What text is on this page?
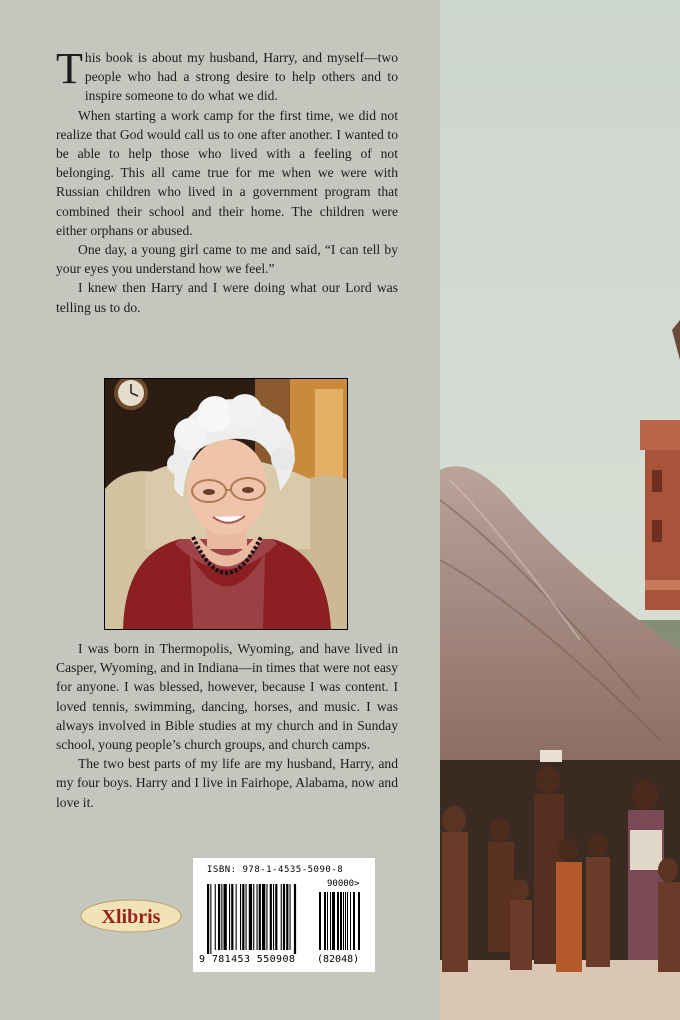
This book is about my husband, Harry, and myself—two people who had a strong desire to help others and to inspire someone to do what we did.

When starting a work camp for the first time, we did not realize that God would call us to one after another. I wanted to be able to help those who lived with a feeling of not belonging. This all came true for me when we were with Russian children who lived in a government program that combined their school and their home. The children were either orphans or abused.

One day, a young girl came to me and said, “I can tell by your eyes you understand how we feel.”

I knew then Harry and I were doing what our Lord was telling us to do.

I was born in Thermopolis, Wyoming, and have lived in Casper, Wyoming, and in Indiana—in times that were not easy for anyone. I was blessed, however, because I was content. I loved tennis, swimming, dancing, horses, and music. I was always involved in Bible studies at my church and in Sunday school, young people’s church groups, and church camps.

The two best parts of my life are my husband, Harry, and my four boys. Harry and I live in Fairhope, Alabama, now and love it.

Xlibris
ISBN: 978-1-4535-5090-8
90000>
9 781453 550908 (82048)
